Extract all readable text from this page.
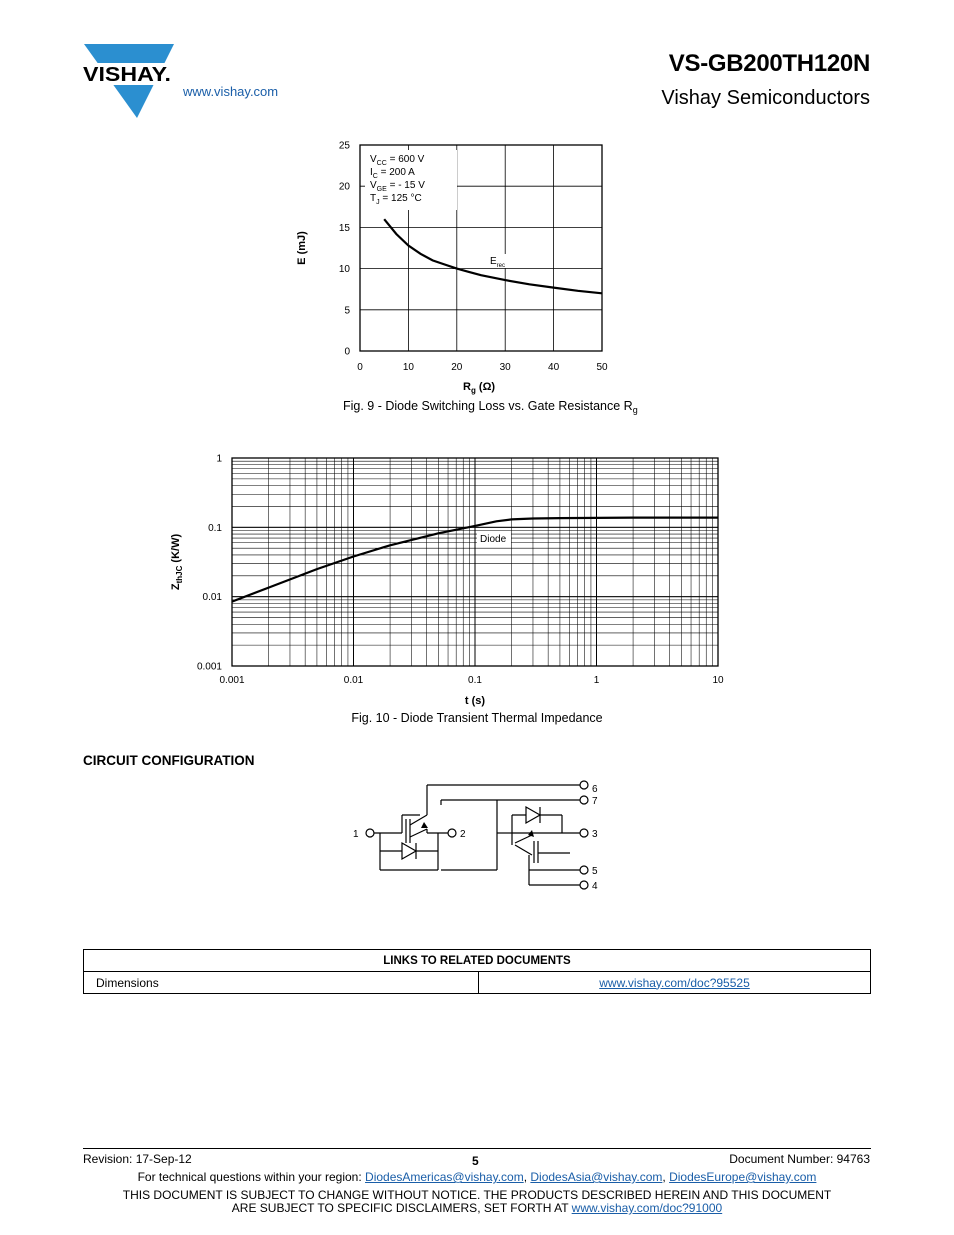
VISHAY.
www.vishay.com
VS-GB200TH120N
Vishay Semiconductors
0	10	20	30	40	50
0
5
10
15
20
25
$V_{CC} = 600$ V
$I_C = 200$ A
$V_{GE}$ = - 15 V
$T_J = 125$ °C
$E_{rec}$
E (mJ)
$R_g$ (Ω)
Fig. 9 - Diode Switching Loss vs. Gate Resistance $R_g$
0.001	0.01	0.1	1	10
0.001
0.01
0.1
1
Diode
$Z_{thJC}$ (K/W)
t (s)
Fig. 10 - Diode Transient Thermal Impedance
CIRCUIT CONFIGURATION
1	2
6
7
3
5
4
LINKS TO RELATED DOCUMENTS
Dimensions	www.vishay.com/doc?95525
Revision: 17-Sep-12	5	Document Number: 94763
For technical questions within your region: DiodesAmericas@vishay.com, DiodesAsia@vishay.com, DiodesEurope@vishay.com
THIS DOCUMENT IS SUBJECT TO CHANGE WITHOUT NOTICE. THE PRODUCTS DESCRIBED HEREIN AND THIS DOCUMENT
ARE SUBJECT TO SPECIFIC DISCLAIMERS, SET FORTH AT www.vishay.com/doc?91000
